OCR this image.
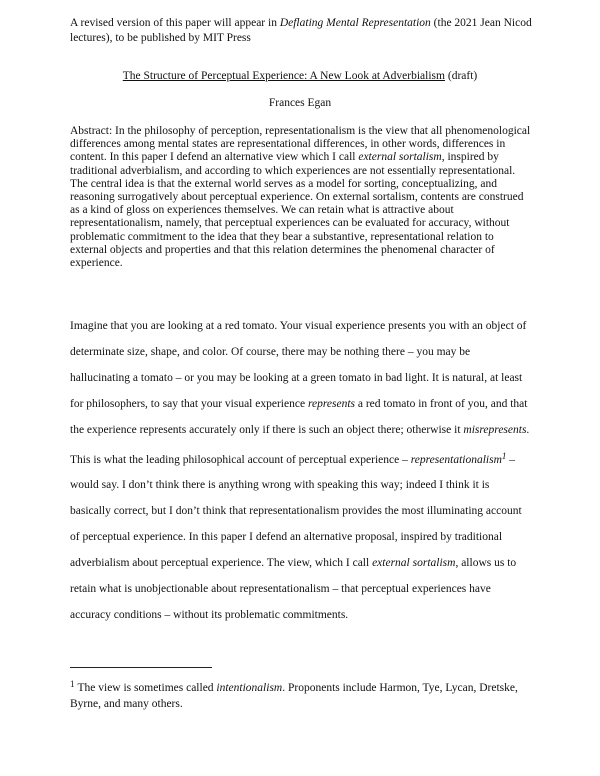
A revised version of this paper will appear in Deflating Mental Representation (the 2021 Jean Nicod lectures), to be published by MIT Press
The Structure of Perceptual Experience: A New Look at Adverbialism (draft)
Frances Egan
Abstract: In the philosophy of perception, representationalism is the view that all phenomenological differences among mental states are representational differences, in other words, differences in content. In this paper I defend an alternative view which I call external sortalism, inspired by traditional adverbialism, and according to which experiences are not essentially representational. The central idea is that the external world serves as a model for sorting, conceptualizing, and reasoning surrogatively about perceptual experience. On external sortalism, contents are construed as a kind of gloss on experiences themselves. We can retain what is attractive about representationalism, namely, that perceptual experiences can be evaluated for accuracy, without problematic commitment to the idea that they bear a substantive, representational relation to external objects and properties and that this relation determines the phenomenal character of experience.
Imagine that you are looking at a red tomato. Your visual experience presents you with an object of determinate size, shape, and color. Of course, there may be nothing there – you may be hallucinating a tomato – or you may be looking at a green tomato in bad light. It is natural, at least for philosophers, to say that your visual experience represents a red tomato in front of you, and that the experience represents accurately only if there is such an object there; otherwise it misrepresents. This is what the leading philosophical account of perceptual experience – representationalism$^1$ – would say. I don’t think there is anything wrong with speaking this way; indeed I think it is basically correct, but I don’t think that representationalism provides the most illuminating account of perceptual experience. In this paper I defend an alternative proposal, inspired by traditional adverbialism about perceptual experience. The view, which I call external sortalism, allows us to retain what is unobjectionable about representationalism – that perceptual experiences have accuracy conditions – without its problematic commitments.
$^1$ The view is sometimes called intentionalism. Proponents include Harmon, Tye, Lycan, Dretske, Byrne, and many others.
